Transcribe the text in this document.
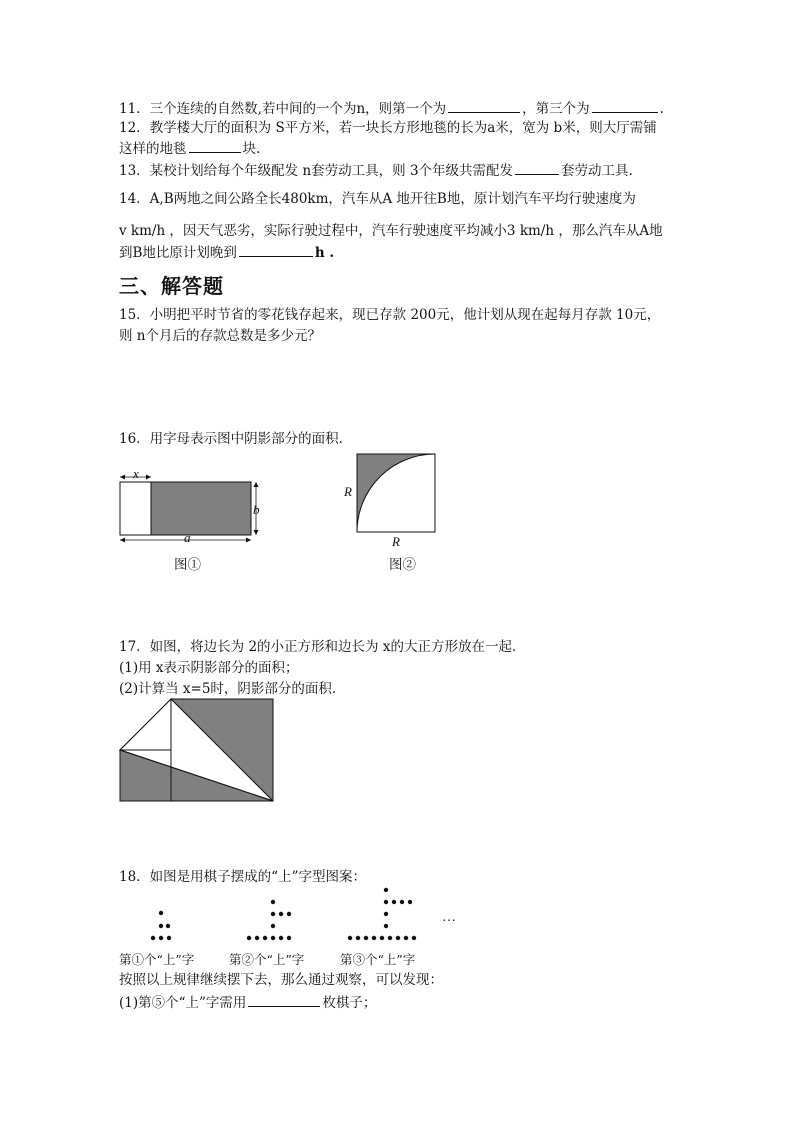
11．三个连续的自然数,若中间的一个为n，则第一个为	，第三个为	.
12．教学楼大厅的面积为 S平方米，若一块长方形地毯的长为a米，宽为 b米，则大厅需铺
这样的地毯	块.
13．某校计划给每个年级配发 n套劳动工具，则 3个年级共需配发	套劳动工具.
14．A,B两地之间公路全长480km，汽车从A 地开往B地，原计划汽车平均行驶速度为
v km/h ，因天气恶劣，实际行驶过程中，汽车行驶速度平均减小3 km/h ，那么汽车从A地
到B地比原计划晚到	h .
三、解答题
15．小明把平时节省的零花钱存起来，现已存款 200元，他计划从现在起每月存款 10元，
则 n个月后的存款总数是多少元？
16．用字母表示图中阴影部分的面积．
x
b
a
图①
R
R
图②
17．如图，将边长为 2的小正方形和边长为 x的大正方形放在一起．
(1)用 x表示阴影部分的面积；
(2)计算当 x=5时，阴影部分的面积．
18．如图是用棋子摆成的“上”字型图案：
…
第①个“上”字	第②个“上”字	第③个“上”字
按照以上规律继续摆下去，那么通过观察，可以发现：
(1)第⑤个“上”字需用	枚棋子；
